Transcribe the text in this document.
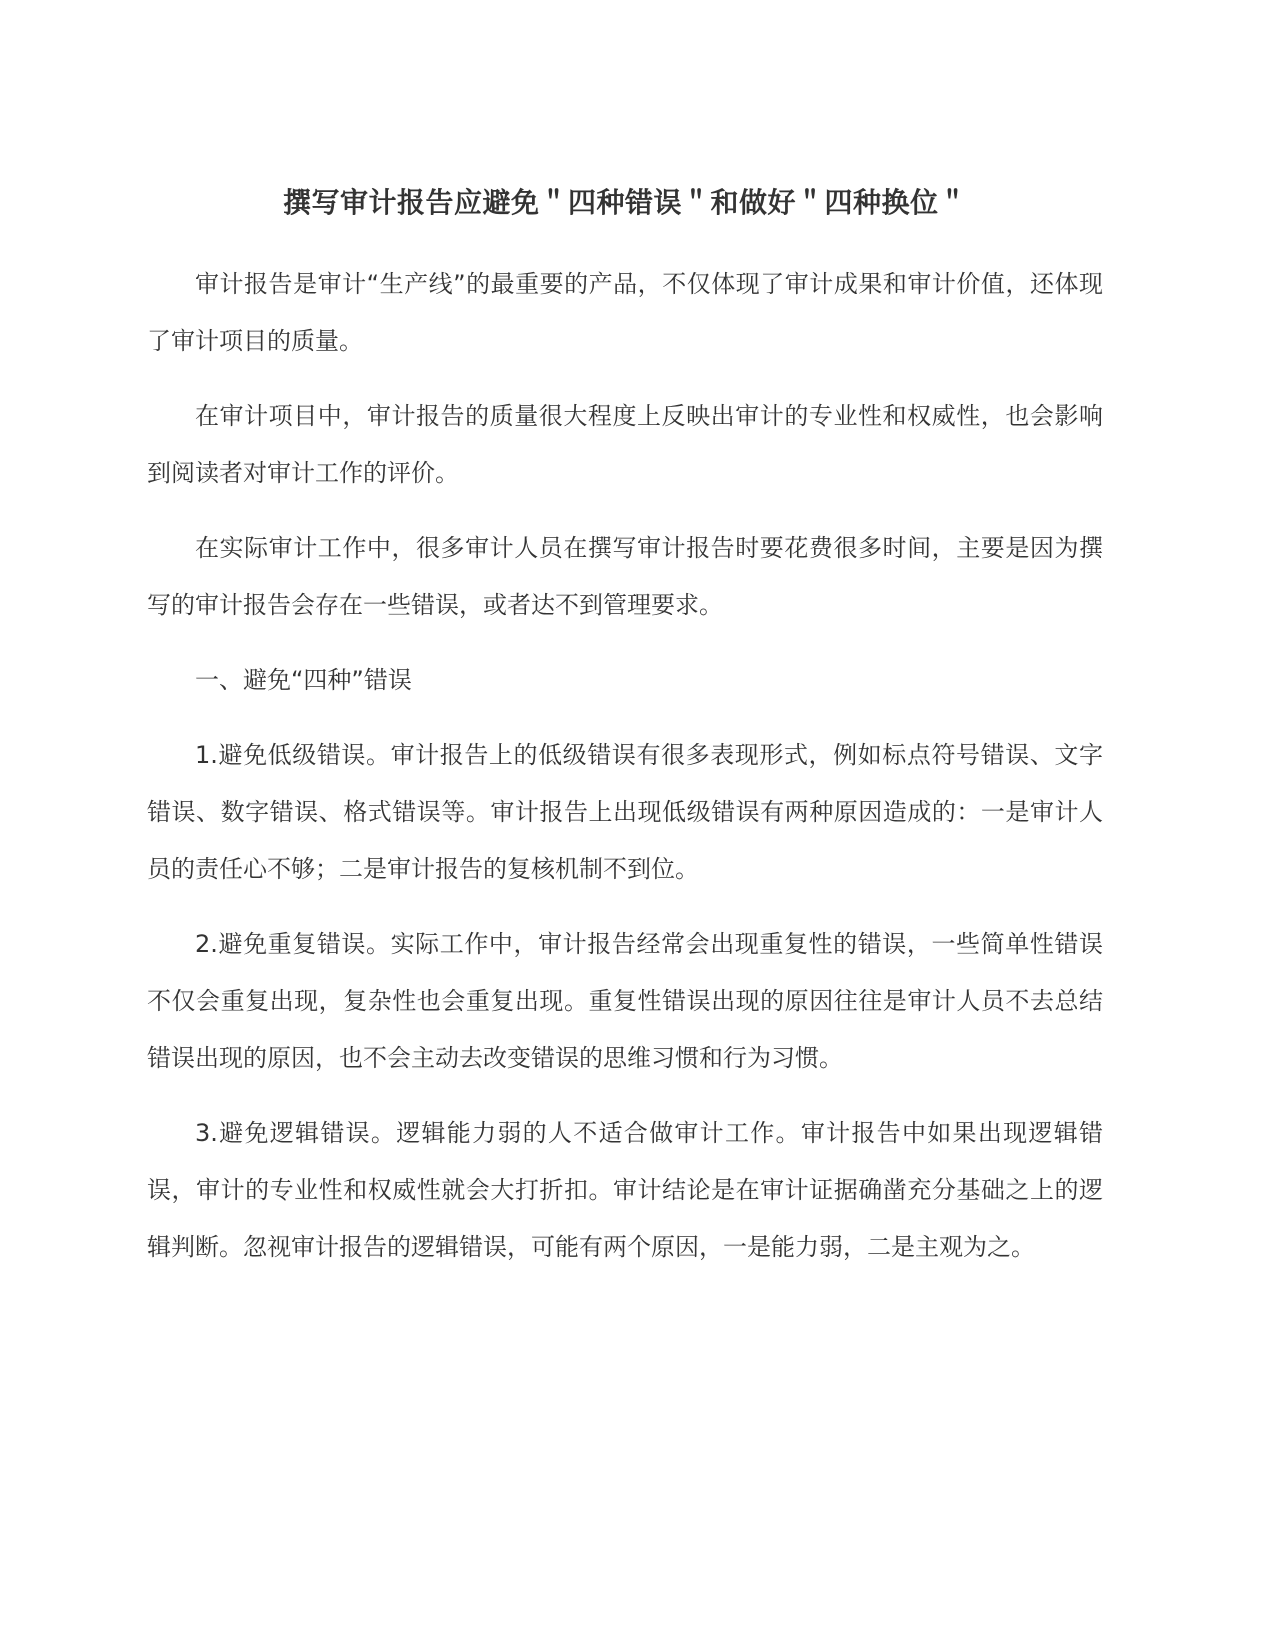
撰写审计报告应避免＂四种错误＂和做好＂四种换位＂

审计报告是审计“生产线”的最重要的产品，不仅体现了审计成果和审计价值，还体现了审计项目的质量。

在审计项目中，审计报告的质量很大程度上反映出审计的专业性和权威性，也会影响到阅读者对审计工作的评价。

在实际审计工作中，很多审计人员在撰写审计报告时要花费很多时间，主要是因为撰写的审计报告会存在一些错误，或者达不到管理要求。

一、避免“四种”错误

1.避免低级错误。审计报告上的低级错误有很多表现形式，例如标点符号错误、文字错误、数字错误、格式错误等。审计报告上出现低级错误有两种原因造成的：一是审计人员的责任心不够；二是审计报告的复核机制不到位。

2.避免重复错误。实际工作中，审计报告经常会出现重复性的错误，一些简单性错误不仅会重复出现，复杂性也会重复出现。重复性错误出现的原因往往是审计人员不去总结错误出现的原因，也不会主动去改变错误的思维习惯和行为习惯。

3.避免逻辑错误。逻辑能力弱的人不适合做审计工作。审计报告中如果出现逻辑错误，审计的专业性和权威性就会大打折扣。审计结论是在审计证据确凿充分基础之上的逻辑判断。忽视审计报告的逻辑错误，可能有两个原因，一是能力弱，二是主观为之。
